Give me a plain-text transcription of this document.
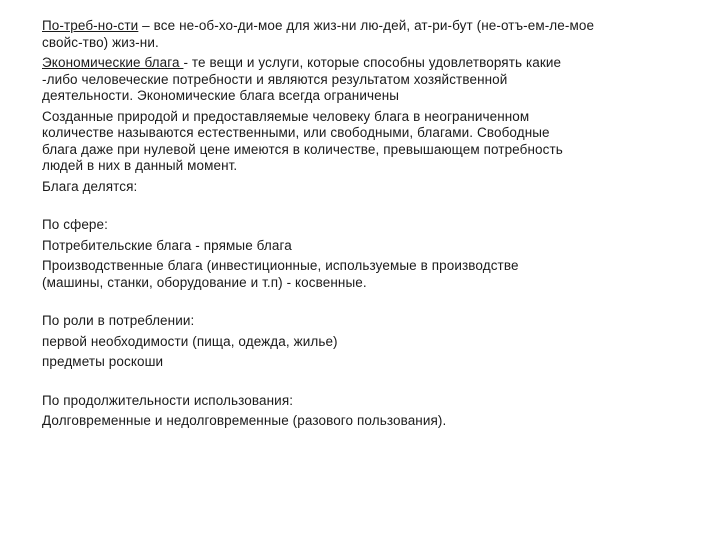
По-треб-но-сти – все не-об-хо-ди-мое для жиз-ни лю-дей, ат-ри-бут (не-отъ-ем-ле-мое
свойс-тво) жиз-ни.
Экономические блага - те вещи и услуги, которые способны удовлетворять какие
-либо человеческие потребности и являются результатом хозяйственной
деятельности. Экономические блага всегда ограничены
Созданные природой и предоставляемые человеку блага в неограниченном
количестве называются естественными, или свободными, благами. Свободные
блага даже при нулевой цене имеются в количестве, превышающем потребность
людей в них в данный момент.
Блага делятся:
По сфере:
Потребительские блага - прямые блага
Производственные блага (инвестиционные, используемые в производстве
(машины, станки, оборудование и т.п) - косвенные.
По роли в потреблении:
первой необходимости (пища, одежда, жилье)
предметы роскоши
По продолжительности использования:
Долговременные и недолговременные (разового пользования).
